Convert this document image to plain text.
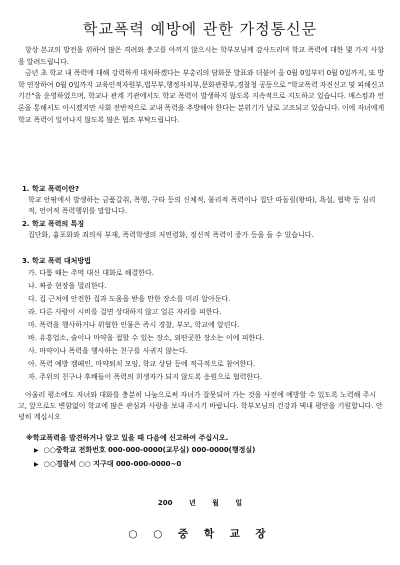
학교폭력 예방에 관한 가정통신문

항상 본교의 발전을 위하여 많은 격려와 충고를 아끼지 않으시는 학부모님께 감사드리며 학교 폭력에 대한 몇 가지 사항을 알려드립니다.

금년 초 학교 내 폭력에 대해 강력하게 대처하겠다는 부총리의 담화문 발표와 더불어 올 0월 0일부터 0월 0일까지, 또 방학 연장하여 0월 0일까지 교육인적자원부,법무부,행정자치부,문화관광부,경찰청 공동으로 "학교폭력 자진신고 및 피해신고 기간"을 운영하였으며, 학교나 관계 기관에서도 학교 폭력이 발생하지 않도록 지속적으로 지도하고 있습니다. 매스컴과 언론을 통해서도 아시겠지만 사회 전반적으로 교내 폭력을 추방해야 한다는 분위기가 날로 고조되고 있습니다. 이에 자녀에게 학교 폭력이 일어나지 않도록 많은 협조 부탁드립니다.

1. 학교 폭력이란?

학교 안팎에서 발생하는 금품갈취, 폭행, 구타 등의 신체적, 물리적 폭력이나 집단 따돌림(왕따), 욕설, 협박 등 심리적, 언어적 폭력행위를 말합니다.

2. 학교 폭력의 특징

집단화, 흉포화와 죄의식 부재, 폭력학생의 저연령화, 정신적 폭력이 증가 등을 들 수 있습니다.

3. 학교 폭력 대처방법
가. 다툼 때는 주먹 대신 대화로 해결한다.
나. 짜증 현장을 멀리한다.
다. 집 근처에 안전한 집과 도움을 받을 만한 장소를 미리 알아둔다.
라. 다른 사람이 시비를 걸면 상대하지 않고 얼른 자리를 피한다.
마. 폭력을 행사하거나 위협한 인물은 즉시 경찰, 부모, 학교에 알린다.
바. 유흥업소, 술이나 마약을 접할 수 있는 장소, 외딴곳한 장소는 이에 피한다.
사. 마약이나 폭력을 행사하는 친구를 사귀지 않는다.
아. 폭력 예방 캠페인, 마약퇴치 모임, 학교 상담 등에 적극적으로 참여한다.
자. 주위의 친구나 후배들이 폭력의 희생자가 되지 않도록 응원으로 협력한다.

아울러 평소에도 자녀와 대화를 충분히 나눔으로써 자녀가 잘못되어 가는 것을 사전에 예방할 수 있도록 노력해 주시고, 앞으로도 변함없이 학교에 많은 관심과 사랑을 보내 주시기 바랍니다. 학부모님의 건강과 댁내 평안을 기원합니다. 안녕히 계십시오

※학교폭력을 발견하거나 알고 있을 때 다음에 신고하여 주십시오.
▶ ○○중학교 전화번호 000-000-0000(교무실) 000-0000(행정실)
▶ ○○경찰서 ○○ 지구대 000-000-0000~0
200 년 월 일
○ ○ 중 학 교 장
